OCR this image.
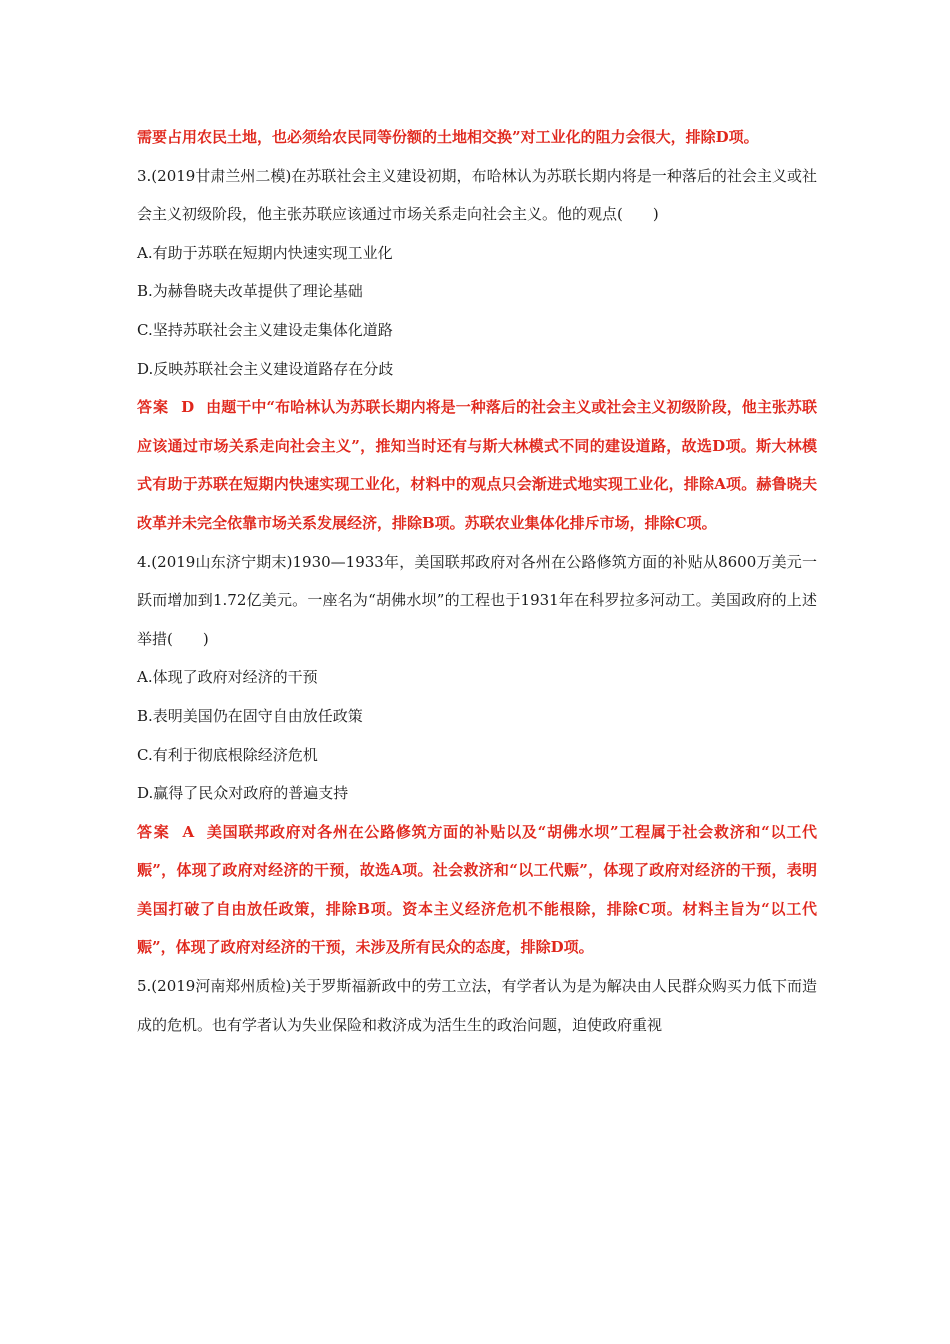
需要占用农民土地，也必须给农民同等份额的土地相交换”对工业化的阻力会很大，排除D项。

3.(2019甘肃兰州二模)在苏联社会主义建设初期，布哈林认为苏联长期内将是一种落后的社会主义或社会主义初级阶段，他主张苏联应该通过市场关系走向社会主义。他的观点(　　)

A.有助于苏联在短期内快速实现工业化

B.为赫鲁晓夫改革提供了理论基础

C.坚持苏联社会主义建设走集体化道路

D.反映苏联社会主义建设道路存在分歧

答案 D 由题干中“布哈林认为苏联长期内将是一种落后的社会主义或社会主义初级阶段，他主张苏联应该通过市场关系走向社会主义”，推知当时还有与斯大林模式不同的建设道路，故选D项。斯大林模式有助于苏联在短期内快速实现工业化，材料中的观点只会渐进式地实现工业化，排除A项。赫鲁晓夫改革并未完全依靠市场关系发展经济，排除B项。苏联农业集体化排斥市场，排除C项。

4.(2019山东济宁期末)1930—1933年，美国联邦政府对各州在公路修筑方面的补贴从8600万美元一跃而增加到1.72亿美元。一座名为“胡佛水坝”的工程也于1931年在科罗拉多河动工。美国政府的上述举措(　　)

A.体现了政府对经济的干预

B.表明美国仍在固守自由放任政策

C.有利于彻底根除经济危机

D.赢得了民众对政府的普遍支持

答案 A 美国联邦政府对各州在公路修筑方面的补贴以及“胡佛水坝”工程属于社会救济和“以工代赈”，体现了政府对经济的干预，故选A项。社会救济和“以工代赈”，体现了政府对经济的干预，表明美国打破了自由放任政策，排除B项。资本主义经济危机不能根除，排除C项。材料主旨为“以工代赈”，体现了政府对经济的干预，未涉及所有民众的态度，排除D项。

5.(2019河南郑州质检)关于罗斯福新政中的劳工立法，有学者认为是为解决由人民群众购买力低下而造成的危机。也有学者认为失业保险和救济成为活生生的政治问题，迫使政府重视
